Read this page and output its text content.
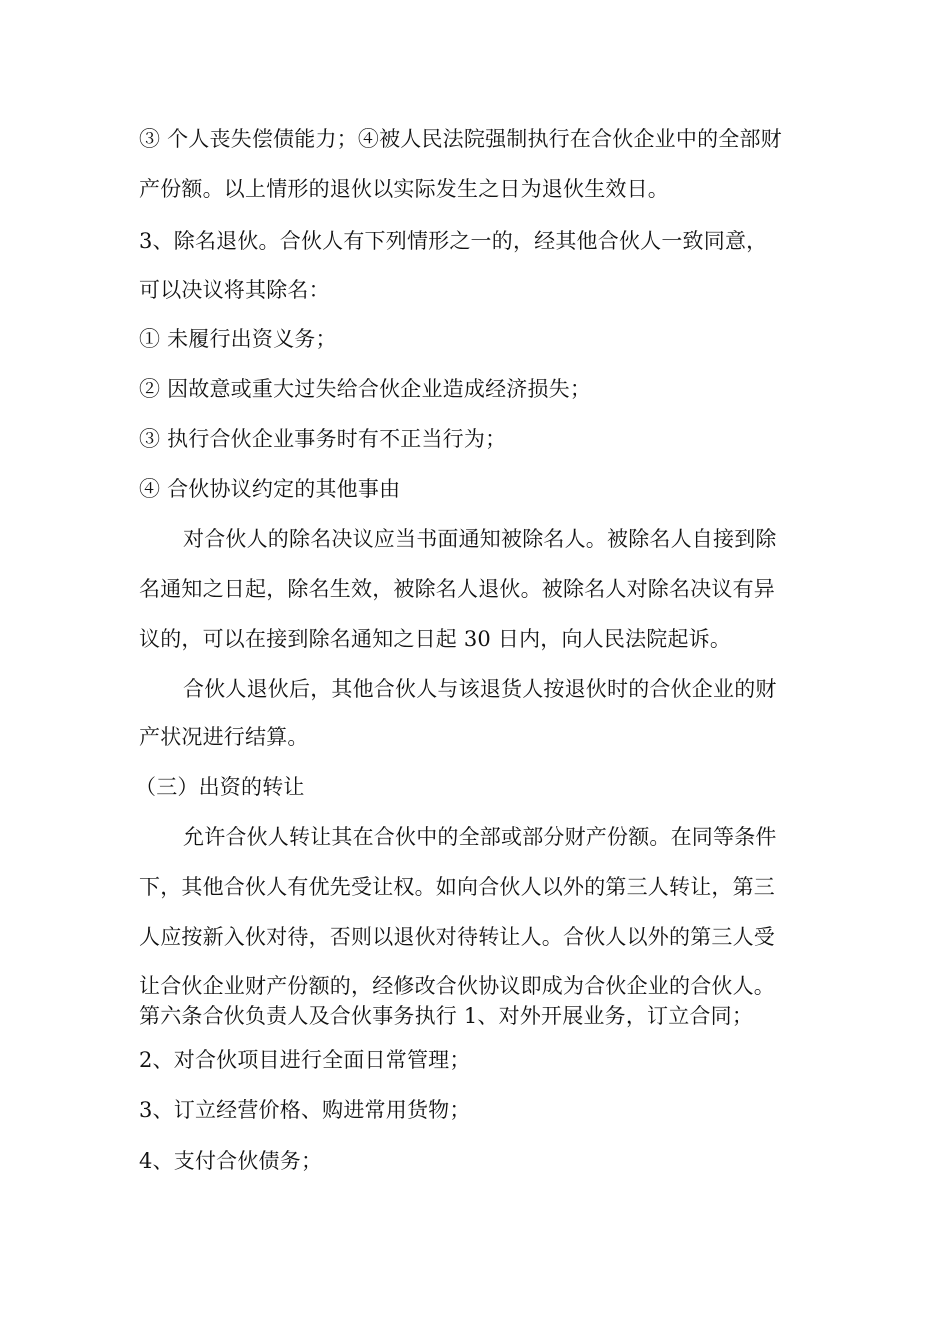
③ 个人丧失偿债能力；④被人民法院强制执行在合伙企业中的全部财
产份额。以上情形的退伙以实际发生之日为退伙生效日。
3、除名退伙。合伙人有下列情形之一的，经其他合伙人一致同意，
可以决议将其除名：
① 未履行出资义务；
② 因故意或重大过失给合伙企业造成经济损失；
③ 执行合伙企业事务时有不正当行为；
④ 合伙协议约定的其他事由
对合伙人的除名决议应当书面通知被除名人。被除名人自接到除
名通知之日起，除名生效，被除名人退伙。被除名人对除名决议有异
议的，可以在接到除名通知之日起 30 日内，向人民法院起诉。
合伙人退伙后，其他合伙人与该退货人按退伙时的合伙企业的财
产状况进行结算。
（三）出资的转让
允许合伙人转让其在合伙中的全部或部分财产份额。在同等条件
下，其他合伙人有优先受让权。如向合伙人以外的第三人转让，第三
人应按新入伙对待，否则以退伙对待转让人。合伙人以外的第三人受
让合伙企业财产份额的，经修改合伙协议即成为合伙企业的合伙人。
第六条合伙负责人及合伙事务执行 1、对外开展业务，订立合同；
2、对合伙项目进行全面日常管理；
3、订立经营价格、购进常用货物；
4、支付合伙债务；
